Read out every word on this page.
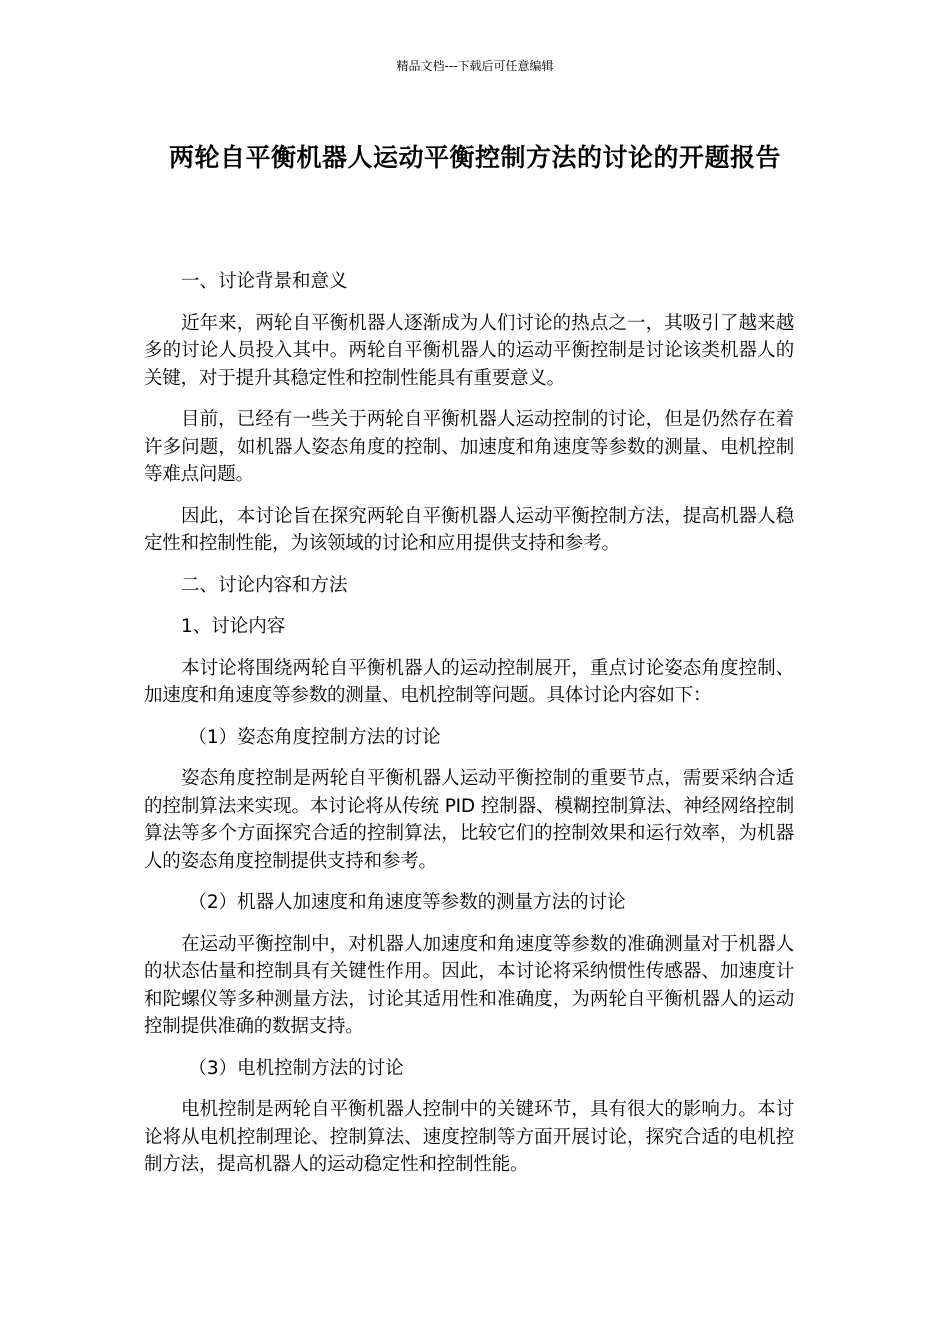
精品文档---下载后可任意编辑
两轮自平衡机器人运动平衡控制方法的讨论的开题报告
一、讨论背景和意义
近年来，两轮自平衡机器人逐渐成为人们讨论的热点之一，其吸引了越来越多的讨论人员投入其中。两轮自平衡机器人的运动平衡控制是讨论该类机器人的关键，对于提升其稳定性和控制性能具有重要意义。
目前，已经有一些关于两轮自平衡机器人运动控制的讨论，但是仍然存在着许多问题，如机器人姿态角度的控制、加速度和角速度等参数的测量、电机控制等难点问题。
因此，本讨论旨在探究两轮自平衡机器人运动平衡控制方法，提高机器人稳定性和控制性能，为该领域的讨论和应用提供支持和参考。
二、讨论内容和方法
1、讨论内容
本讨论将围绕两轮自平衡机器人的运动控制展开，重点讨论姿态角度控制、加速度和角速度等参数的测量、电机控制等问题。具体讨论内容如下：
（1）姿态角度控制方法的讨论
姿态角度控制是两轮自平衡机器人运动平衡控制的重要节点，需要采纳合适的控制算法来实现。本讨论将从传统 PID 控制器、模糊控制算法、神经网络控制算法等多个方面探究合适的控制算法，比较它们的控制效果和运行效率，为机器人的姿态角度控制提供支持和参考。
（2）机器人加速度和角速度等参数的测量方法的讨论
在运动平衡控制中，对机器人加速度和角速度等参数的准确测量对于机器人的状态估量和控制具有关键性作用。因此，本讨论将采纳惯性传感器、加速度计和陀螺仪等多种测量方法，讨论其适用性和准确度，为两轮自平衡机器人的运动控制提供准确的数据支持。
（3）电机控制方法的讨论
电机控制是两轮自平衡机器人控制中的关键环节，具有很大的影响力。本讨论将从电机控制理论、控制算法、速度控制等方面开展讨论，探究合适的电机控制方法，提高机器人的运动稳定性和控制性能。
